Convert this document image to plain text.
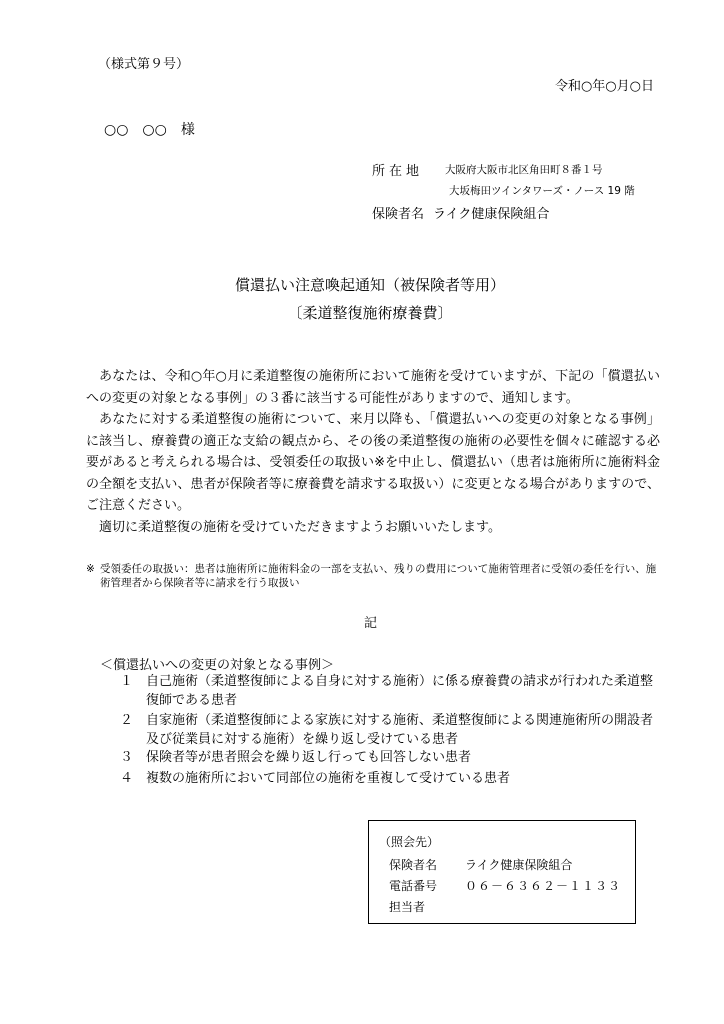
（様式第９号）
令和○年○月○日
○○　○○　様
所在地 大阪府大阪市北区角田町８番１号
大坂梅田ツインタワーズ・ノース 19 階
保険者名 ライク健康保険組合
償還払い注意喚起通知（被保険者等用）
〔柔道整復施術療養費〕

あなたは、令和○年○月に柔道整復の施術所において施術を受けていますが、下記の「償還払いへの変更の対象となる事例」の３番に該当する可能性がありますので、通知します。

あなたに対する柔道整復の施術について、来月以降も、「償還払いへの変更の対象となる事例」に該当し、療養費の適正な支給の観点から、その後の柔道整復の施術の必要性を個々に確認する必要があると考えられる場合は、受領委任の取扱い※を中止し、償還払い（患者は施術所に施術料金の全額を支払い、患者が保険者等に療養費を請求する取扱い）に変更となる場合がありますので、ご注意ください。

適切に柔道整復の施術を受けていただきますようお願いいたします。

※ 受領委任の取扱い：患者は施術所に施術料金の一部を支払い、残りの費用について施術管理者に受領の委任を行い、施術管理者から保険者等に請求を行う取扱い
記
＜償還払いへの変更の対象となる事例＞
１ 自己施術（柔道整復師による自身に対する施術）に係る療養費の請求が行われた柔道整復師である患者
２ 自家施術（柔道整復師による家族に対する施術、柔道整復師による関連施術所の開設者及び従業員に対する施術）を繰り返し受けている患者
３ 保険者等が患者照会を繰り返し行っても回答しない患者
４ 複数の施術所において同部位の施術を重複して受けている患者
（照会先）
保険者名 ライク健康保険組合
電話番号 ０６－６３６２－１１３３
担当者
